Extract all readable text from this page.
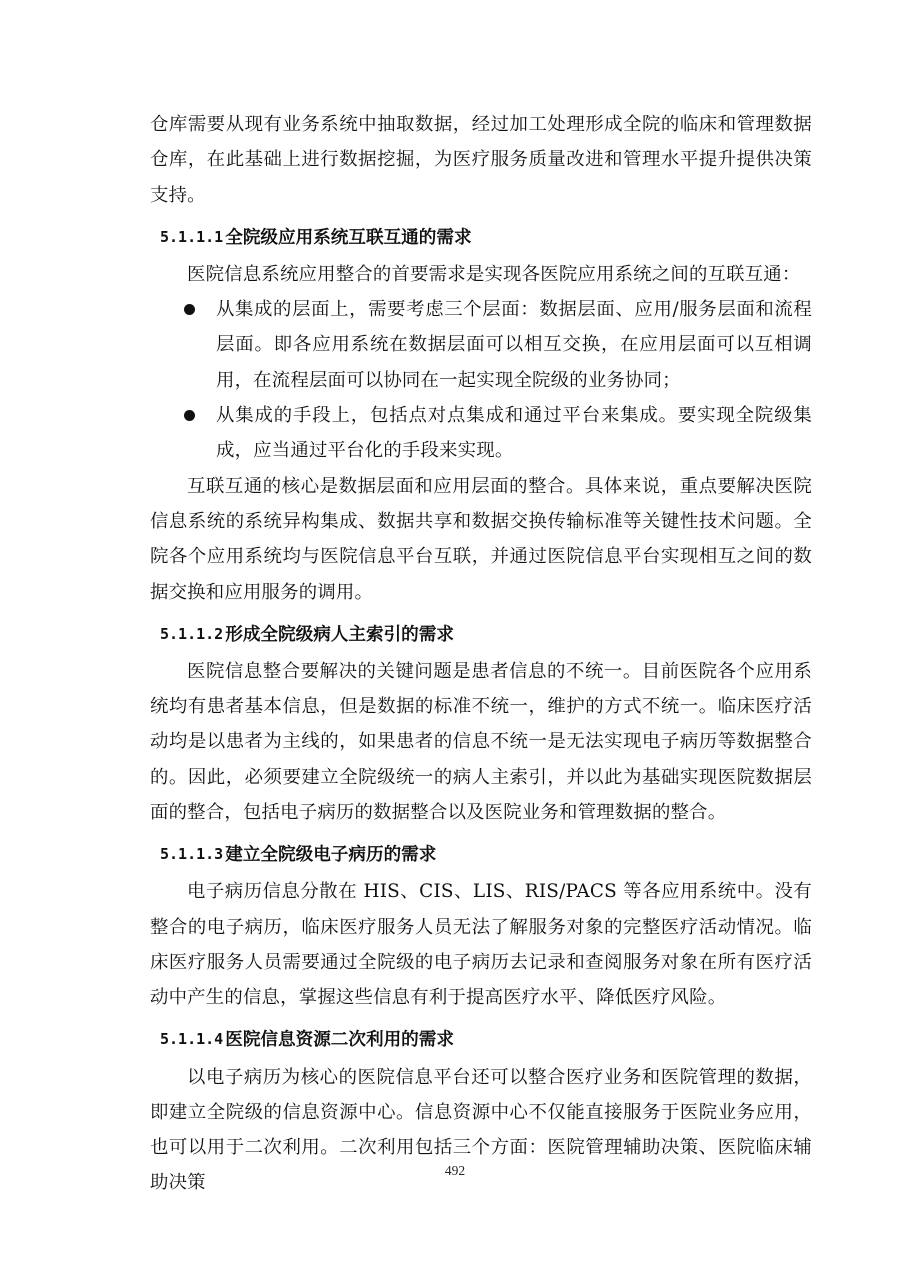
仓库需要从现有业务系统中抽取数据，经过加工处理形成全院的临床和管理数据仓库，在此基础上进行数据挖掘，为医疗服务质量改进和管理水平提升提供决策支持。

5.1.1.1 全院级应用系统互联互通的需求

医院信息系统应用整合的首要需求是实现各医院应用系统之间的互联互通：

从集成的层面上，需要考虑三个层面：数据层面、应用/服务层面和流程层面。即各应用系统在数据层面可以相互交换，在应用层面可以互相调用，在流程层面可以协同在一起实现全院级的业务协同；
从集成的手段上，包括点对点集成和通过平台来集成。要实现全院级集成，应当通过平台化的手段来实现。

互联互通的核心是数据层面和应用层面的整合。具体来说，重点要解决医院信息系统的系统异构集成、数据共享和数据交换传输标准等关键性技术问题。全院各个应用系统均与医院信息平台互联，并通过医院信息平台实现相互之间的数据交换和应用服务的调用。

5.1.1.2 形成全院级病人主索引的需求

医院信息整合要解决的关键问题是患者信息的不统一。目前医院各个应用系统均有患者基本信息，但是数据的标准不统一，维护的方式不统一。临床医疗活动均是以患者为主线的，如果患者的信息不统一是无法实现电子病历等数据整合的。因此，必须要建立全院级统一的病人主索引，并以此为基础实现医院数据层面的整合，包括电子病历的数据整合以及医院业务和管理数据的整合。

5.1.1.3 建立全院级电子病历的需求

电子病历信息分散在 HIS、CIS、LIS、RIS/PACS 等各应用系统中。没有整合的电子病历，临床医疗服务人员无法了解服务对象的完整医疗活动情况。临床医疗服务人员需要通过全院级的电子病历去记录和查阅服务对象在所有医疗活动中产生的信息，掌握这些信息有利于提高医疗水平、降低医疗风险。

5.1.1.4 医院信息资源二次利用的需求

以电子病历为核心的医院信息平台还可以整合医疗业务和医院管理的数据，即建立全院级的信息资源中心。信息资源中心不仅能直接服务于医院业务应用，也可以用于二次利用。二次利用包括三个方面：医院管理辅助决策、医院临床辅助决策

492
